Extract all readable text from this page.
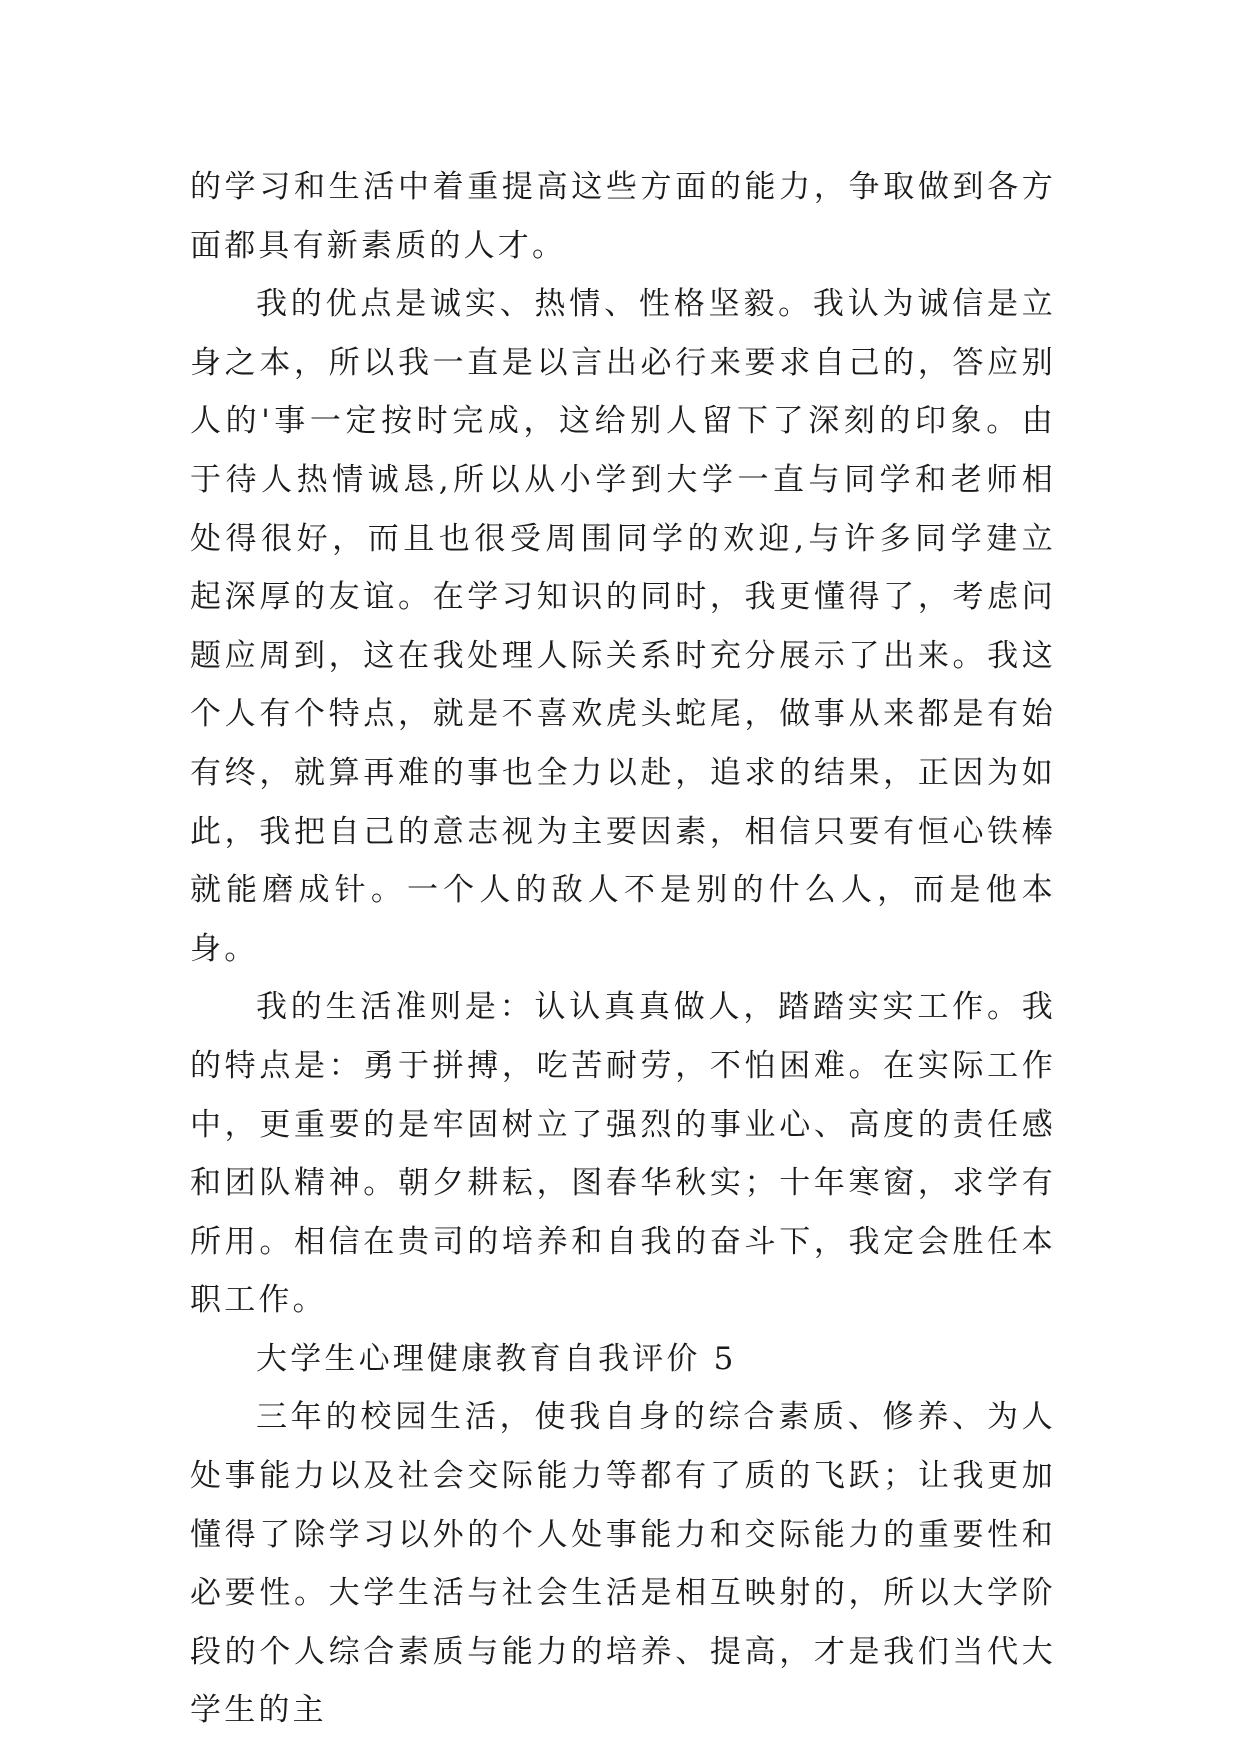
的学习和生活中着重提高这些方面的能力，争取做到各方面都具有新素质的人才。

我的优点是诚实、热情、性格坚毅。我认为诚信是立身之本，所以我一直是以言出必行来要求自己的，答应别人的'事一定按时完成，这给别人留下了深刻的印象。由于待人热情诚恳,所以从小学到大学一直与同学和老师相处得很好，而且也很受周围同学的欢迎,与许多同学建立起深厚的友谊。在学习知识的同时，我更懂得了，考虑问题应周到，这在我处理人际关系时充分展示了出来。我这个人有个特点，就是不喜欢虎头蛇尾，做事从来都是有始有终，就算再难的事也全力以赴，追求的结果，正因为如此，我把自己的意志视为主要因素，相信只要有恒心铁棒就能磨成针。一个人的敌人不是别的什么人，而是他本身。

我的生活准则是：认认真真做人，踏踏实实工作。我的特点是：勇于拼搏，吃苦耐劳，不怕困难。在实际工作中，更重要的是牢固树立了强烈的事业心、高度的责任感和团队精神。朝夕耕耘，图春华秋实；十年寒窗，求学有所用。相信在贵司的培养和自我的奋斗下，我定会胜任本职工作。

大学生心理健康教育自我评价 5

三年的校园生活，使我自身的综合素质、修养、为人处事能力以及社会交际能力等都有了质的飞跃；让我更加懂得了除学习以外的个人处事能力和交际能力的重要性和必要性。大学生活与社会生活是相互映射的，所以大学阶段的个人综合素质与能力的培养、提高，才是我们当代大学生的主
